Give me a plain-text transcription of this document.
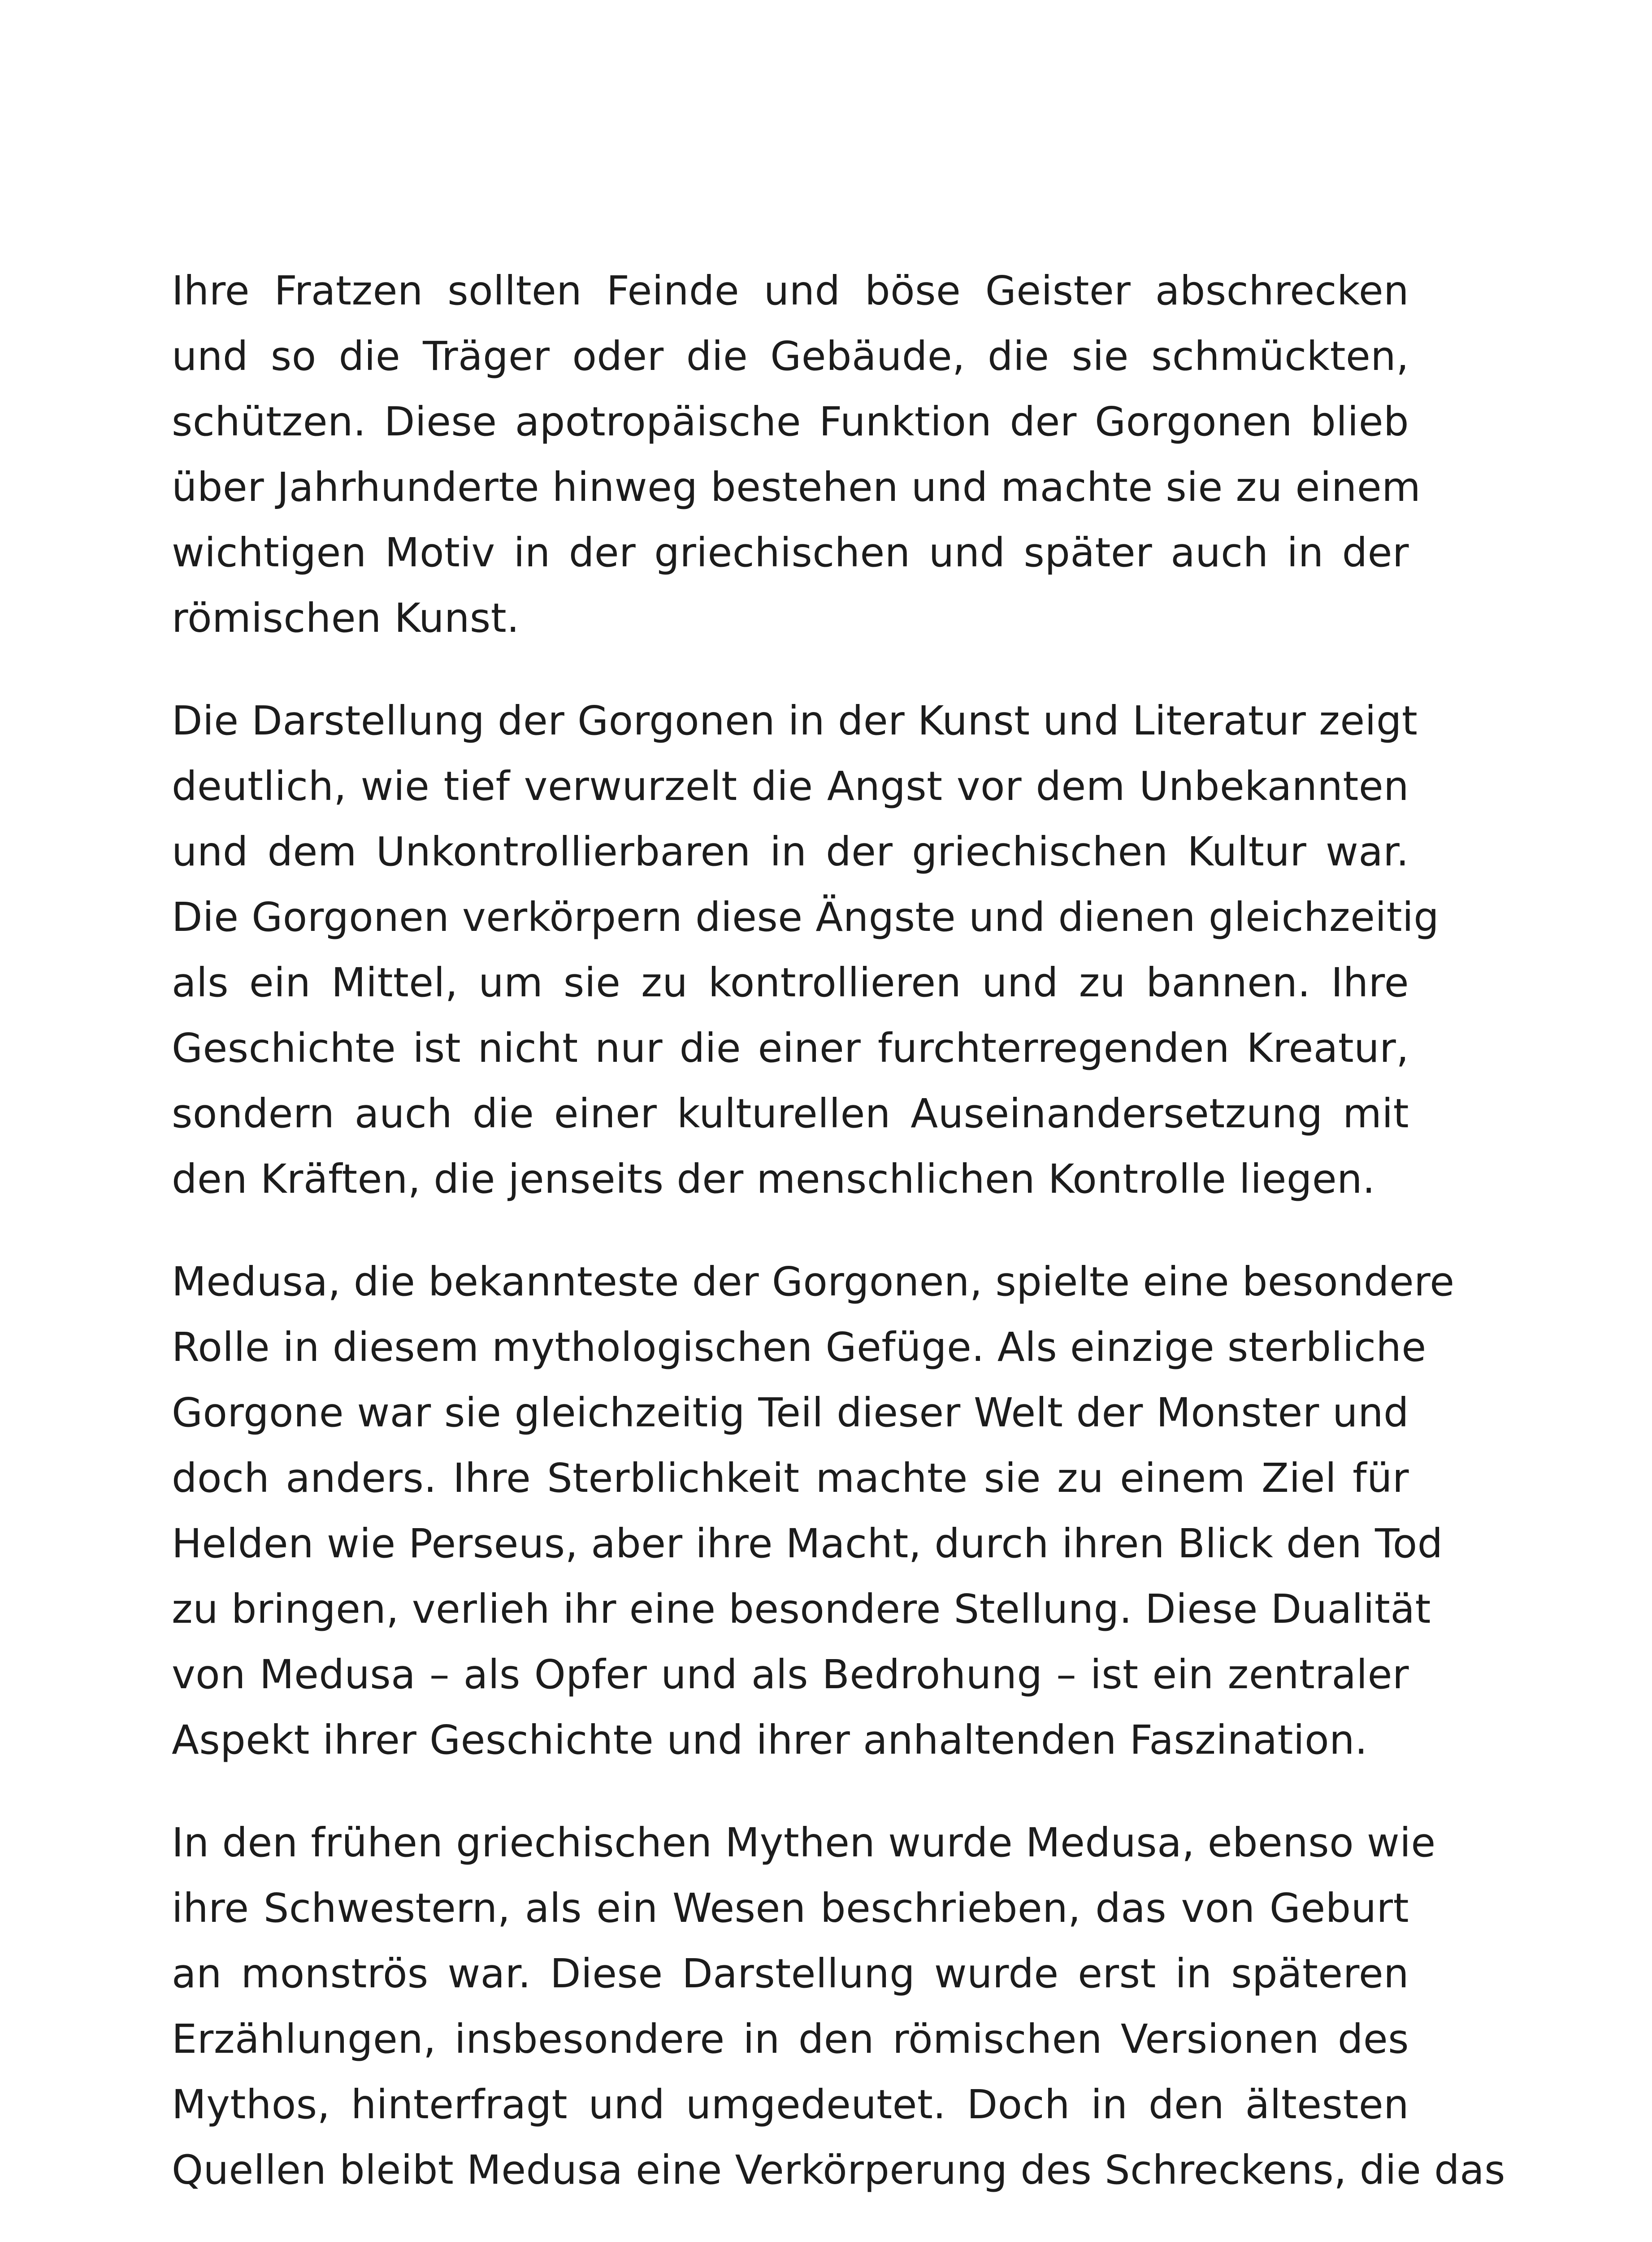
Ihre Fratzen sollten Feinde und böse Geister abschrecken
und so die Träger oder die Gebäude, die sie schmückten,
schützen. Diese apotropäische Funktion der Gorgonen blieb
über Jahrhunderte hinweg bestehen und machte sie zu einem
wichtigen Motiv in der griechischen und später auch in der
römischen Kunst.

Die Darstellung der Gorgonen in der Kunst und Literatur zeigt
deutlich, wie tief verwurzelt die Angst vor dem Unbekannten
und dem Unkontrollierbaren in der griechischen Kultur war.
Die Gorgonen verkörpern diese Ängste und dienen gleichzeitig
als ein Mittel, um sie zu kontrollieren und zu bannen. Ihre
Geschichte ist nicht nur die einer furchterregenden Kreatur,
sondern auch die einer kulturellen Auseinandersetzung mit
den Kräften, die jenseits der menschlichen Kontrolle liegen.

Medusa, die bekannteste der Gorgonen, spielte eine besondere
Rolle in diesem mythologischen Gefüge. Als einzige sterbliche
Gorgone war sie gleichzeitig Teil dieser Welt der Monster und
doch anders. Ihre Sterblichkeit machte sie zu einem Ziel für
Helden wie Perseus, aber ihre Macht, durch ihren Blick den Tod
zu bringen, verlieh ihr eine besondere Stellung. Diese Dualität
von Medusa – als Opfer und als Bedrohung – ist ein zentraler
Aspekt ihrer Geschichte und ihrer anhaltenden Faszination.

In den frühen griechischen Mythen wurde Medusa, ebenso wie
ihre Schwestern, als ein Wesen beschrieben, das von Geburt
an monströs war. Diese Darstellung wurde erst in späteren
Erzählungen, insbesondere in den römischen Versionen des
Mythos, hinterfragt und umgedeutet. Doch in den ältesten
Quellen bleibt Medusa eine Verkörperung des Schreckens, die das
